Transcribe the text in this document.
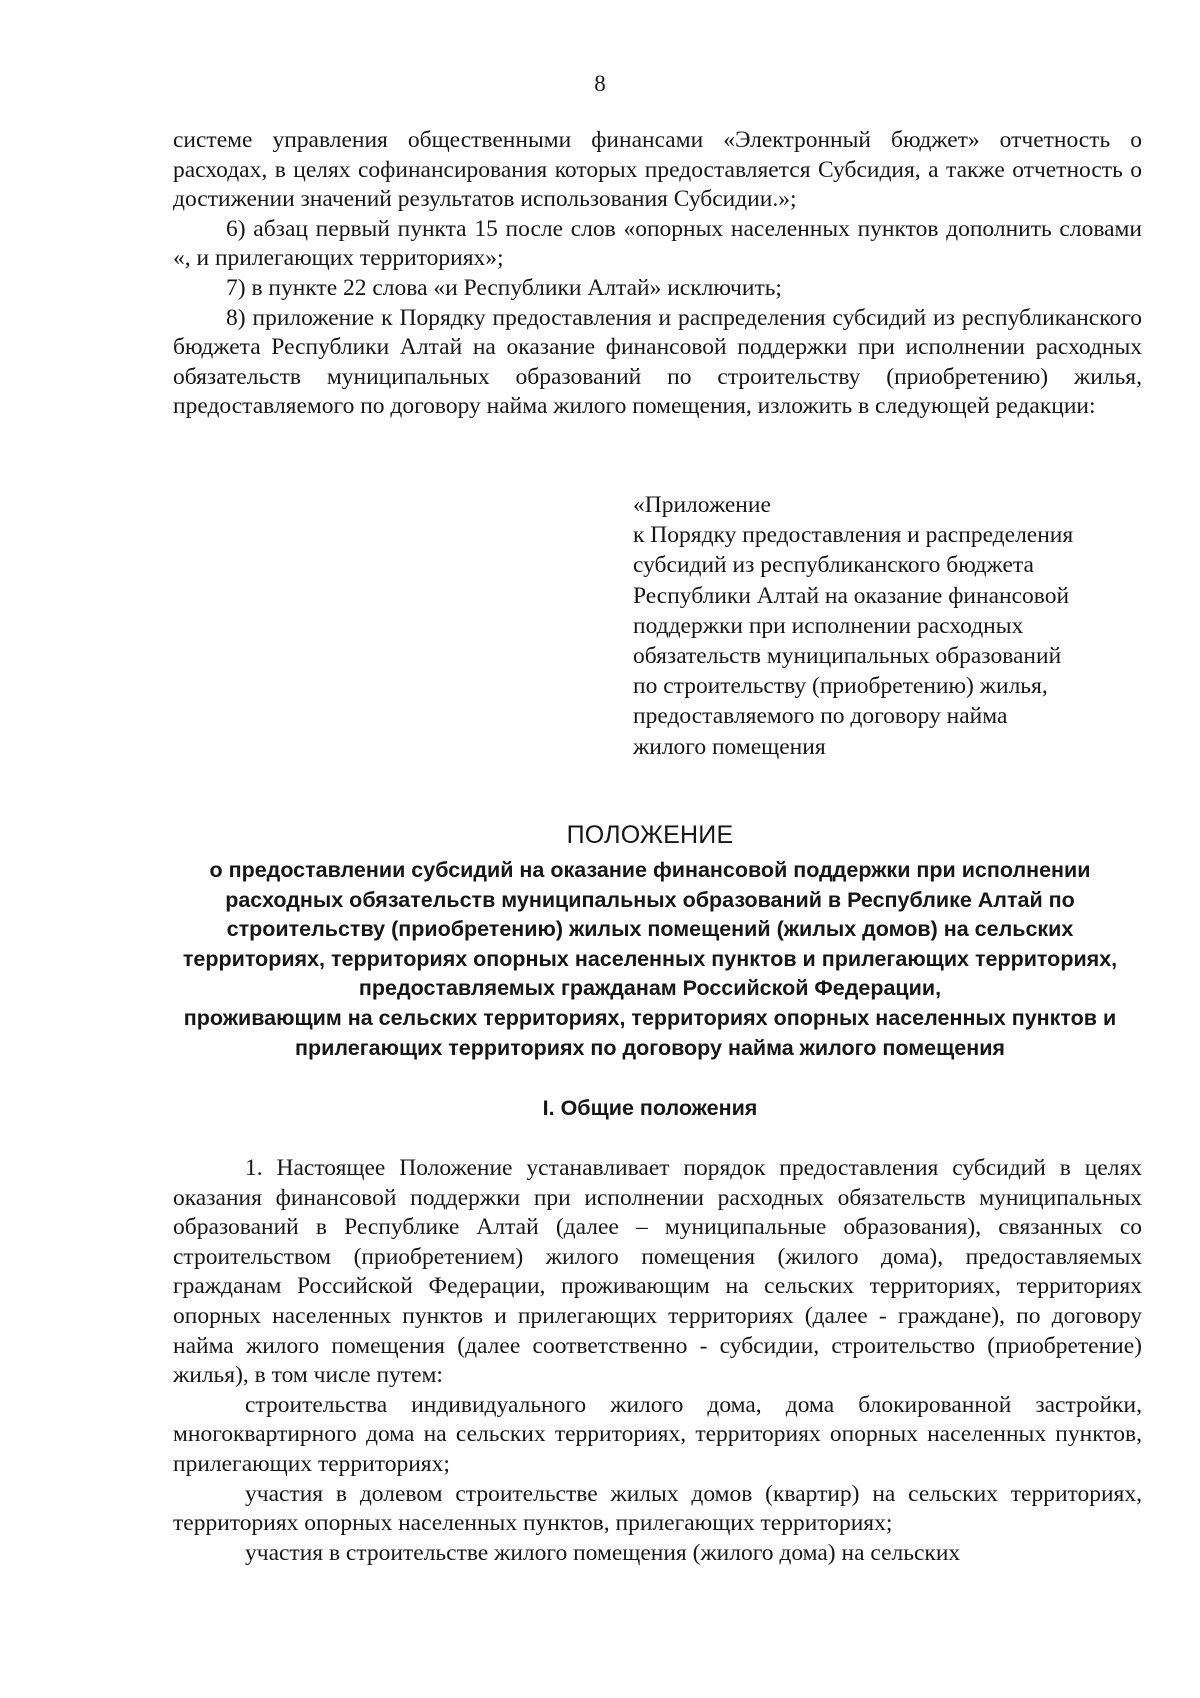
8

системе управления общественными финансами «Электронный бюджет» отчетность о расходах, в целях софинансирования которых предоставляется Субсидия, а также отчетность о достижении значений результатов использования Субсидии.»;

6) абзац первый пункта 15 после слов «опорных населенных пунктов дополнить словами «, и прилегающих территориях»;

7) в пункте 22 слова «и Республики Алтай» исключить;

8) приложение к Порядку предоставления и распределения субсидий из республиканского бюджета Республики Алтай на оказание финансовой поддержки при исполнении расходных обязательств муниципальных образований по строительству (приобретению) жилья, предоставляемого по договору найма жилого помещения, изложить в следующей редакции:

«Приложение
к Порядку предоставления и распределения
субсидий из республиканского бюджета
Республики Алтай на оказание финансовой
поддержки при исполнении расходных
обязательств муниципальных образований
по строительству (приобретению) жилья,
предоставляемого по договору найма
жилого помещения
ПОЛОЖЕНИЕ
о предоставлении субсидий на оказание финансовой поддержки при исполнении
расходных обязательств муниципальных образований в Республике Алтай по
строительству (приобретению) жилых помещений (жилых домов) на сельских
территориях, территориях опорных населенных пунктов и прилегающих территориях,
предоставляемых гражданам Российской Федерации,
проживающим на сельских территориях, территориях опорных населенных пунктов и
прилегающих территориях по договору найма жилого помещения
I. Общие положения

1. Настоящее Положение устанавливает порядок предоставления субсидий в целях оказания финансовой поддержки при исполнении расходных обязательств муниципальных образований в Республике Алтай (далее – муниципальные образования), связанных со строительством (приобретением) жилого помещения (жилого дома), предоставляемых гражданам Российской Федерации, проживающим на сельских территориях, территориях опорных населенных пунктов и прилегающих территориях (далее - граждане), по договору найма жилого помещения (далее соответственно - субсидии, строительство (приобретение) жилья), в том числе путем:

строительства индивидуального жилого дома, дома блокированной застройки, многоквартирного дома на сельских территориях, территориях опорных населенных пунктов, прилегающих территориях;

участия в долевом строительстве жилых домов (квартир) на сельских территориях, территориях опорных населенных пунктов, прилегающих территориях;

участия в строительстве жилого помещения (жилого дома) на сельских
